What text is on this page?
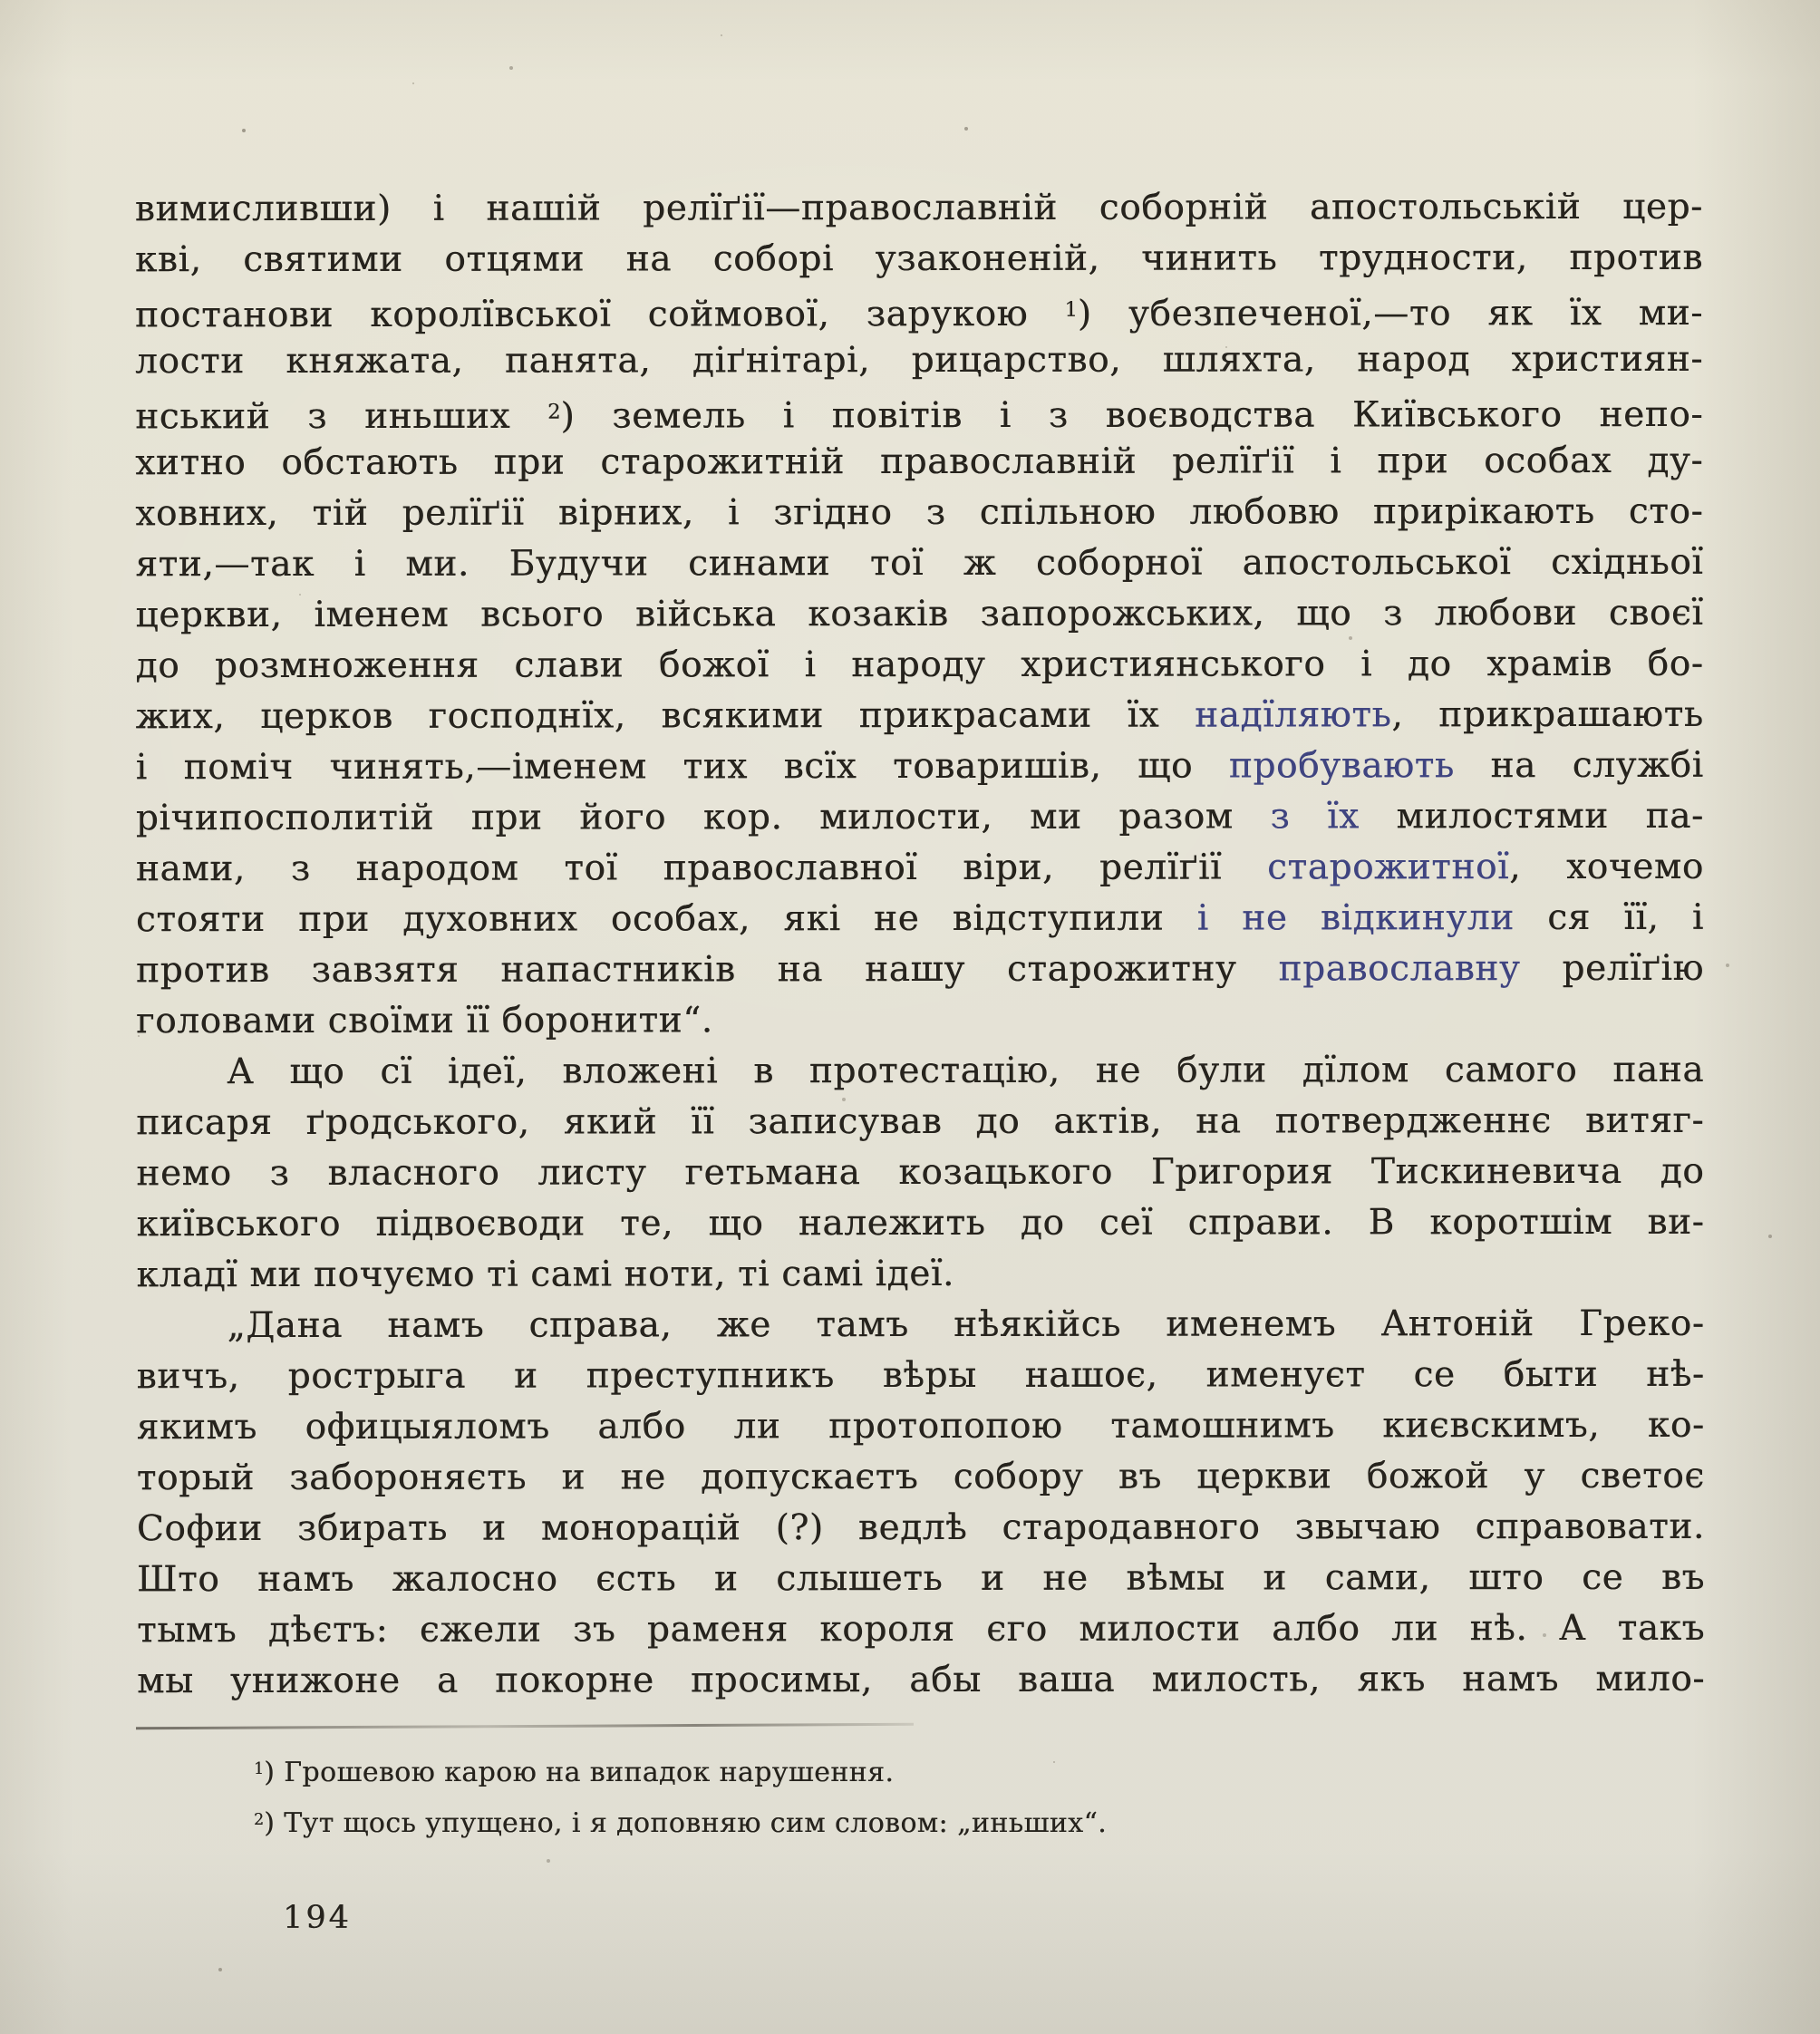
вимисливши) і нашій релїґії—православній соборній апостольській цер-
кві, святими отцями на соборі узаконеній, чинить трудности, против
постанови королївської соймової, зарукою $^1$) убезпеченої,—то як їх ми-
лости княжата, панята, діґнітарі, рицарство, шляхта, народ християн-
нський з иньших $^2$) земель і повітів і з воєводства Київського непо-
хитно обстають при старожитній православній релїґії і при особах ду-
ховних, тій релїґії вірних, і згідно з спільною любовю прирікають сто-
яти,—так і ми. Будучи синами тої ж соборної апостольської східньої
церкви, іменем всього війська козаків запорожських, що з любови своєї
до розмноження слави божої і народу християнського і до храмів бо-
жих, церков господнїх, всякими прикрасами їх надїляють, прикрашають
і поміч чинять,—іменем тих всїх товаришів, що пробувають на службі
річипосполитій при його кор. милости, ми разом з їх милостями па-
нами, з народом тої православної віри, релїґії старожитної, хочемо
стояти при духовних особах, які не відступили і не відкинули ся її, і
против завзятя напастників на нашу старожитну православну релїґію
головами своїми її боронити“.
А що сї ідеї, вложені в протестацію, не були дїлом самого пана
писаря ґродського, який її записував до актів, на потвердженнє витяг-
немо з власного листу гетьмана козацького Григория Тискиневича до
київського підвоєводи те, що належить до сеї справи. В коротшім ви-
кладї ми почуємо ті самі ноти, ті самі ідеї.
„Дана намъ справа, же тамъ нѣякійсь именемъ Антоній Греко-
вичъ, рострыга и преступникъ вѣры нашоє, именуєт се быти нѣ-
якимъ офицыяломъ албо ли протопопою тамошнимъ києвскимъ, ко-
торый забороняєть и не допускаєтъ собору въ церкви божой у светоє
Софии збирать и монорацій (?) ведлѣ стародавного звычаю справовати.
Што намъ жалосно єсть и слышеть и не вѣмы и сами, што се въ
тымъ дѣєтъ: єжели зъ раменя короля єго милости албо ли нѣ. А такъ
мы унижоне а покорне просимы, абы ваша милость, якъ намъ мило-
$^1$) Грошевою карою на випадок нарушення.
$^2$) Тут щось упущено, і я доповняю сим словом: „иньших“.
194
